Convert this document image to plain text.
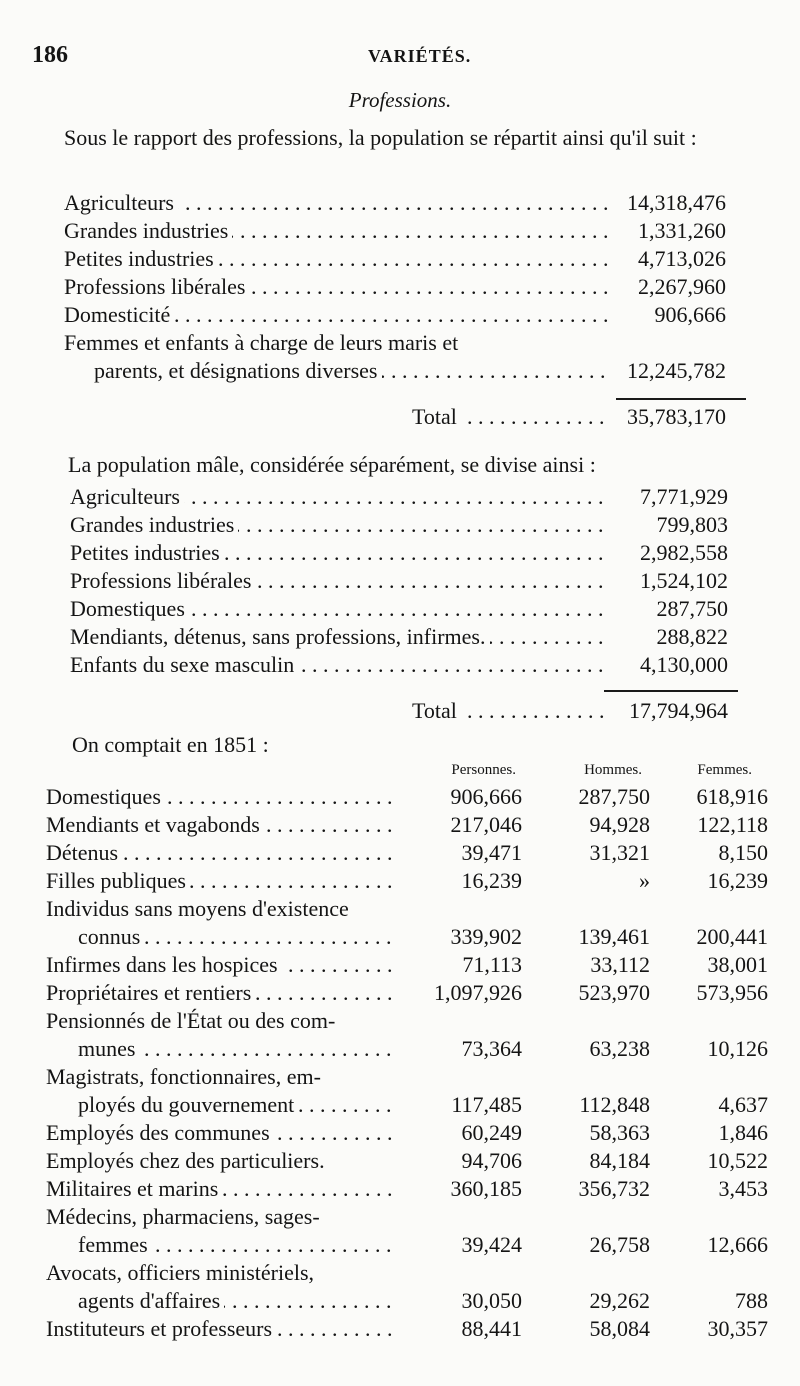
186	VARIÉTÉS.
Professions.
Sous le rapport des professions, la population se répartit ainsi qu'il suit :
Agriculteurs . . .	14,318,476
Grandes industries . . .	1,331,260
Petites industries . . .	4,713,026
Professions libérales . . .	2,267,960
Domesticité . . .	906,666
Femmes et enfants à charge de leurs maris et
parents, et désignations diverses . . .	12,245,782
Total . . .	35,783,170
La population mâle, considérée séparément, se divise ainsi :
Agriculteurs . . .	7,771,929
Grandes industries . . .	799,803
Petites industries . . .	2,982,558
Professions libérales . . .	1,524,102
Domestiques . . .	287,750
Mendiants, détenus, sans professions, infirmes. . . .	288,822
Enfants du sexe masculin . . .	4,130,000
Total . . .	17,794,964
On comptait en 1851 :
Personnes.	Hommes.	Femmes.
Domestiques . . .	906,666	287,750	618,916
Mendiants et vagabonds . . .	217,046	94,928	122,118
Détenus . . .	39,471	31,321	8,150
Filles publiques . . .	16,239	»	16,239
Individus sans moyens d'existence
connus . . .	339,902	139,461	200,441
Infirmes dans les hospices . . .	71,113	33,112	38,001
Propriétaires et rentiers . . .	1,097,926	523,970	573,956
Pensionnés de l'État ou des com-
munes . . .	73,364	63,238	10,126
Magistrats, fonctionnaires, em-
ployés du gouvernement . . .	117,485	112,848	4,637
Employés des communes . . .	60,249	58,363	1,846
Employés chez des particuliers.	94,706	84,184	10,522
Militaires et marins . . .	360,185	356,732	3,453
Médecins, pharmaciens, sages-
femmes . . .	39,424	26,758	12,666
Avocats, officiers ministériels,
agents d'affaires . . .	30,050	29,262	788
Instituteurs et professeurs . . .	88,441	58,084	30,357
